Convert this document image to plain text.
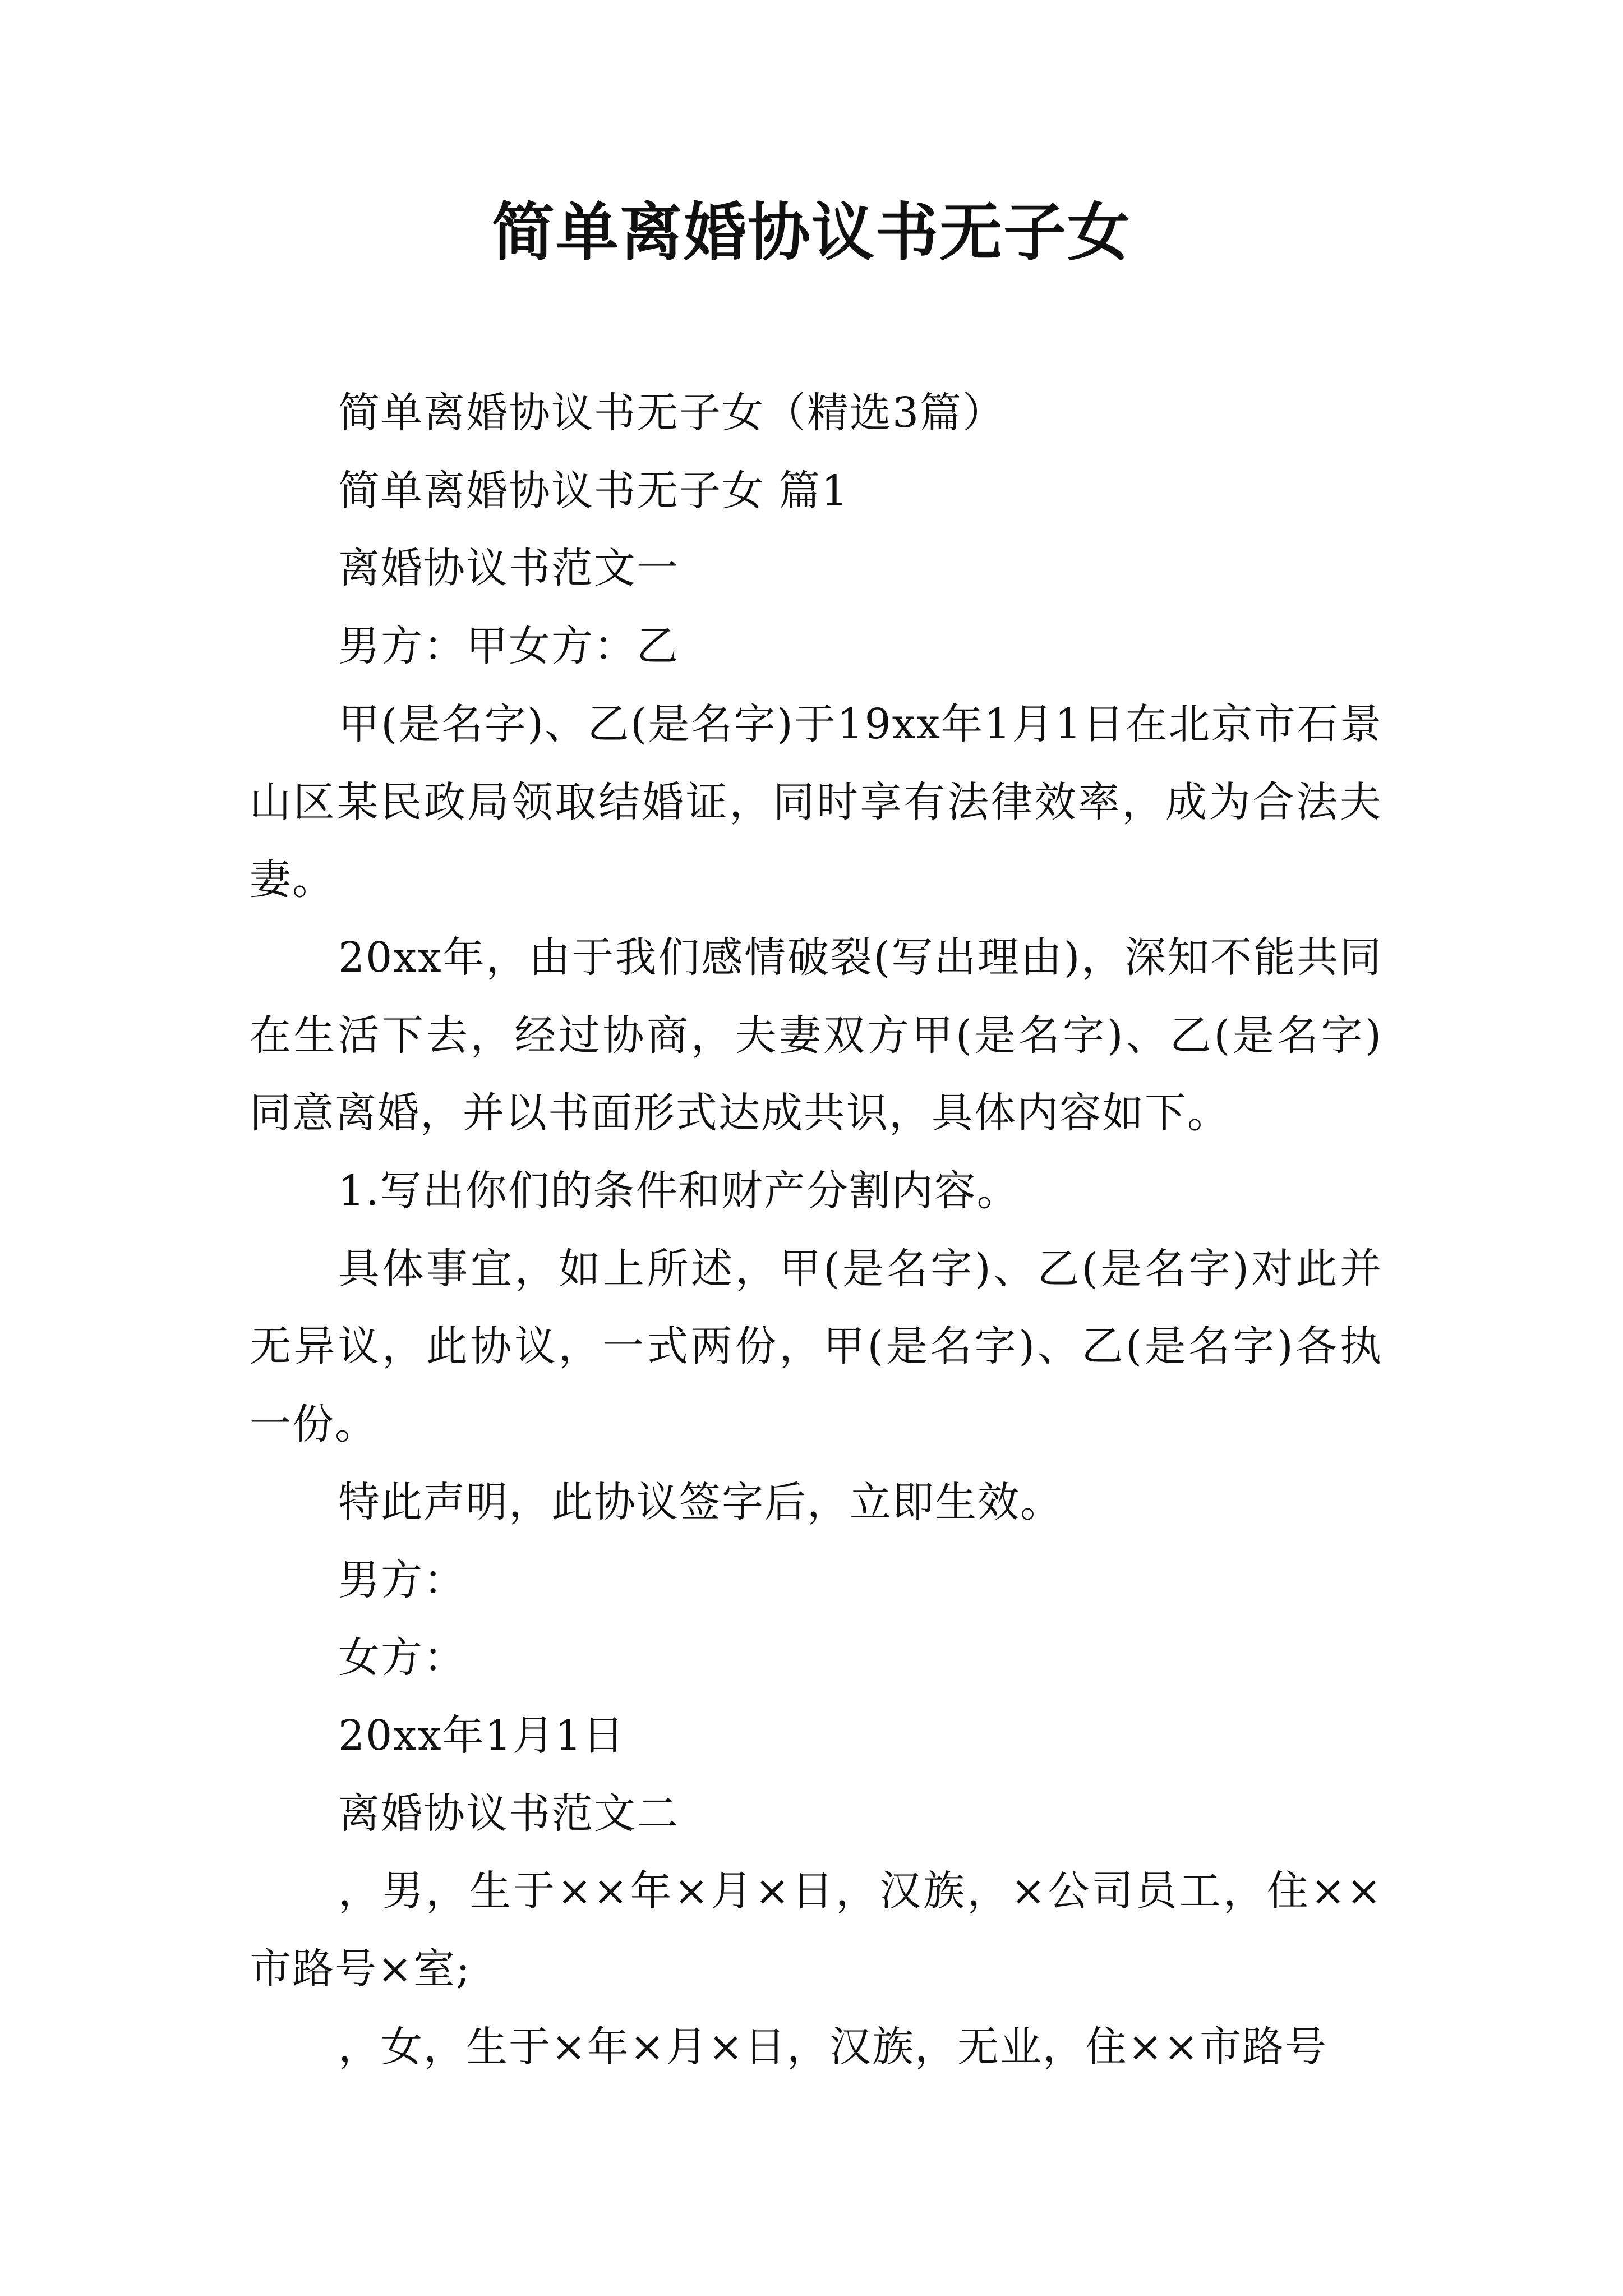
简单离婚协议书无子女

简单离婚协议书无子女（精选3篇）

简单离婚协议书无子女 篇1

离婚协议书范文一

男方：甲女方：乙

甲(是名字)、乙(是名字)于19xx年1月1日在北京市石景山区某民政局领取结婚证，同时享有法律效率，成为合法夫妻。

20xx年，由于我们感情破裂(写出理由)，深知不能共同在生活下去，经过协商，夫妻双方甲(是名字)、乙(是名字)同意离婚，并以书面形式达成共识，具体内容如下。

1.写出你们的条件和财产分割内容。

具体事宜，如上所述，甲(是名字)、乙(是名字)对此并无异议，此协议，一式两份，甲(是名字)、乙(是名字)各执一份。

特此声明，此协议签字后，立即生效。

男方：

女方：

20xx年1月1日

离婚协议书范文二

，男，生于××年×月×日，汉族，×公司员工，住××市路号×室;

，女，生于×年×月×日，汉族，无业，住××市路号
